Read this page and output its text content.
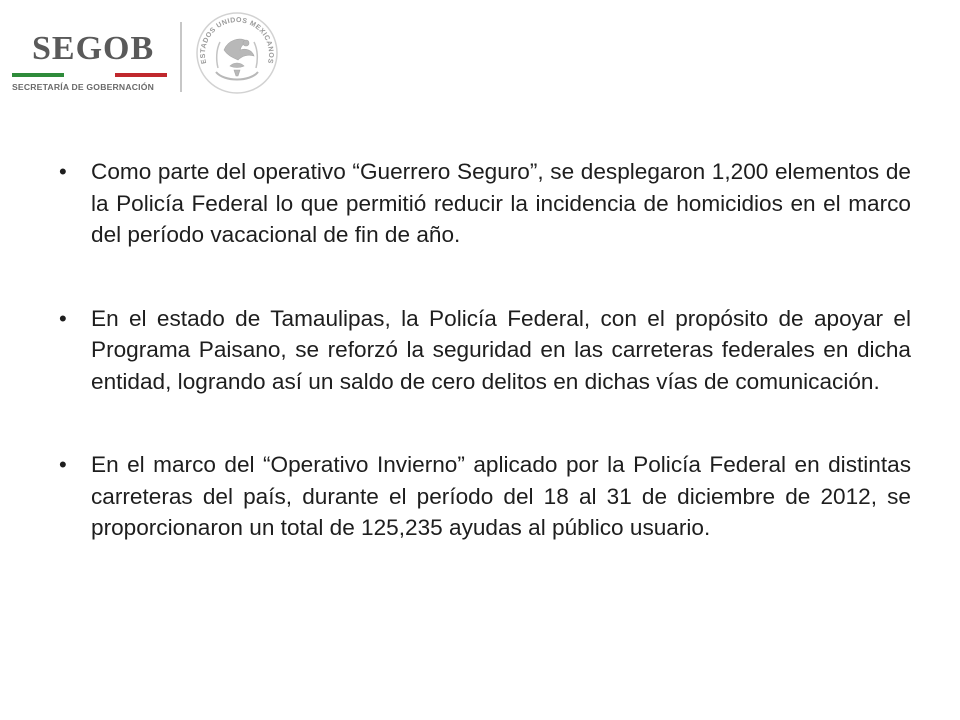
SEGOB
SECRETARÍA DE GOBERNACIÓN
ESTADOS UNIDOS MEXICANOS
• Como parte del operativo “Guerrero Seguro”, se desplegaron 1,200 elementos de la Policía Federal lo que permitió reducir la incidencia de homicidios en el marco del período vacacional de fin de año.
• En el estado de Tamaulipas, la Policía Federal, con el propósito de apoyar el Programa Paisano, se reforzó la seguridad en las carreteras federales en dicha entidad, logrando así un saldo de cero delitos en dichas vías de comunicación.
• En el marco del “Operativo Invierno” aplicado por la Policía Federal en distintas carreteras del país, durante el período del 18 al 31 de diciembre de 2012, se proporcionaron un total de 125,235 ayudas al público usuario.
